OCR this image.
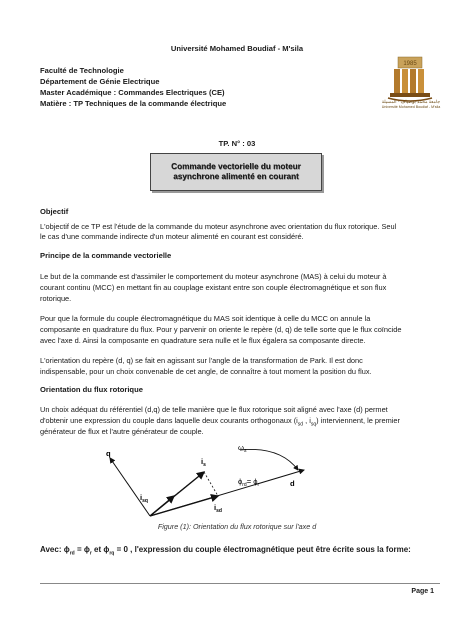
Université Mohamed Boudiaf - M'sila
Faculté de Technologie
Département de Génie Electrique
Master Académique : Commandes Electriques (CE)
Matière : TP Techniques de la commande électrique
1985
جامعة محمد بوضياف - المسيلة
Université Mohamed Boudiaf - M'sila
TP. N° : 03
Commande vectorielle du moteur
asynchrone alimenté en courant
Objectif
L'objectif de ce TP est l'étude de la commande du moteur asynchrone avec orientation du flux rotorique. Seul
le cas d'une commande indirecte d'un moteur alimenté en courant est considéré.
Principe de la commande vectorielle
Le but de la commande est d'assimiler le comportement du moteur asynchrone (MAS) à celui du moteur à
courant continu (MCC) en mettant fin au couplage existant entre son couple électromagnétique et son flux
rotorique.
Pour que la formule du couple électromagnétique du MAS soit identique à celle du MCC on annule la
composante en quadrature du flux. Pour y parvenir on oriente le repère (d, q) de telle sorte que le flux coïncide
avec l'axe d. Ainsi la composante en quadrature sera nulle et le flux égalera sa composante directe.
L'orientation du repère (d, q) se fait en agissant sur l'angle de la transformation de Park. Il est donc
indispensable, pour un choix convenable de cet angle, de connaître à tout moment la position du flux.
Orientation du flux rotorique
Un choix adéquat du référentiel (d,q) de telle manière que le flux rotorique soit aligné avec l'axe (d) permet
d'obtenir une expression du couple dans laquelle deux courants orthogonaux ($i_{sd}$ , $i_{sq}$) interviennent, le premier
générateur de flux et l'autre générateur de couple.
q
d
$i_s$
$i_{sq}$
$i_{sd}$
$\omega_s$
$\phi_{rd}= \phi_r$
Figure (1): Orientation du flux rotorique sur l'axe d
Avec: $\phi_{rd} = \phi_r$ et $\phi_{rq} = 0$ , l'expression du couple électromagnétique peut être écrite sous la forme:
Page 1
